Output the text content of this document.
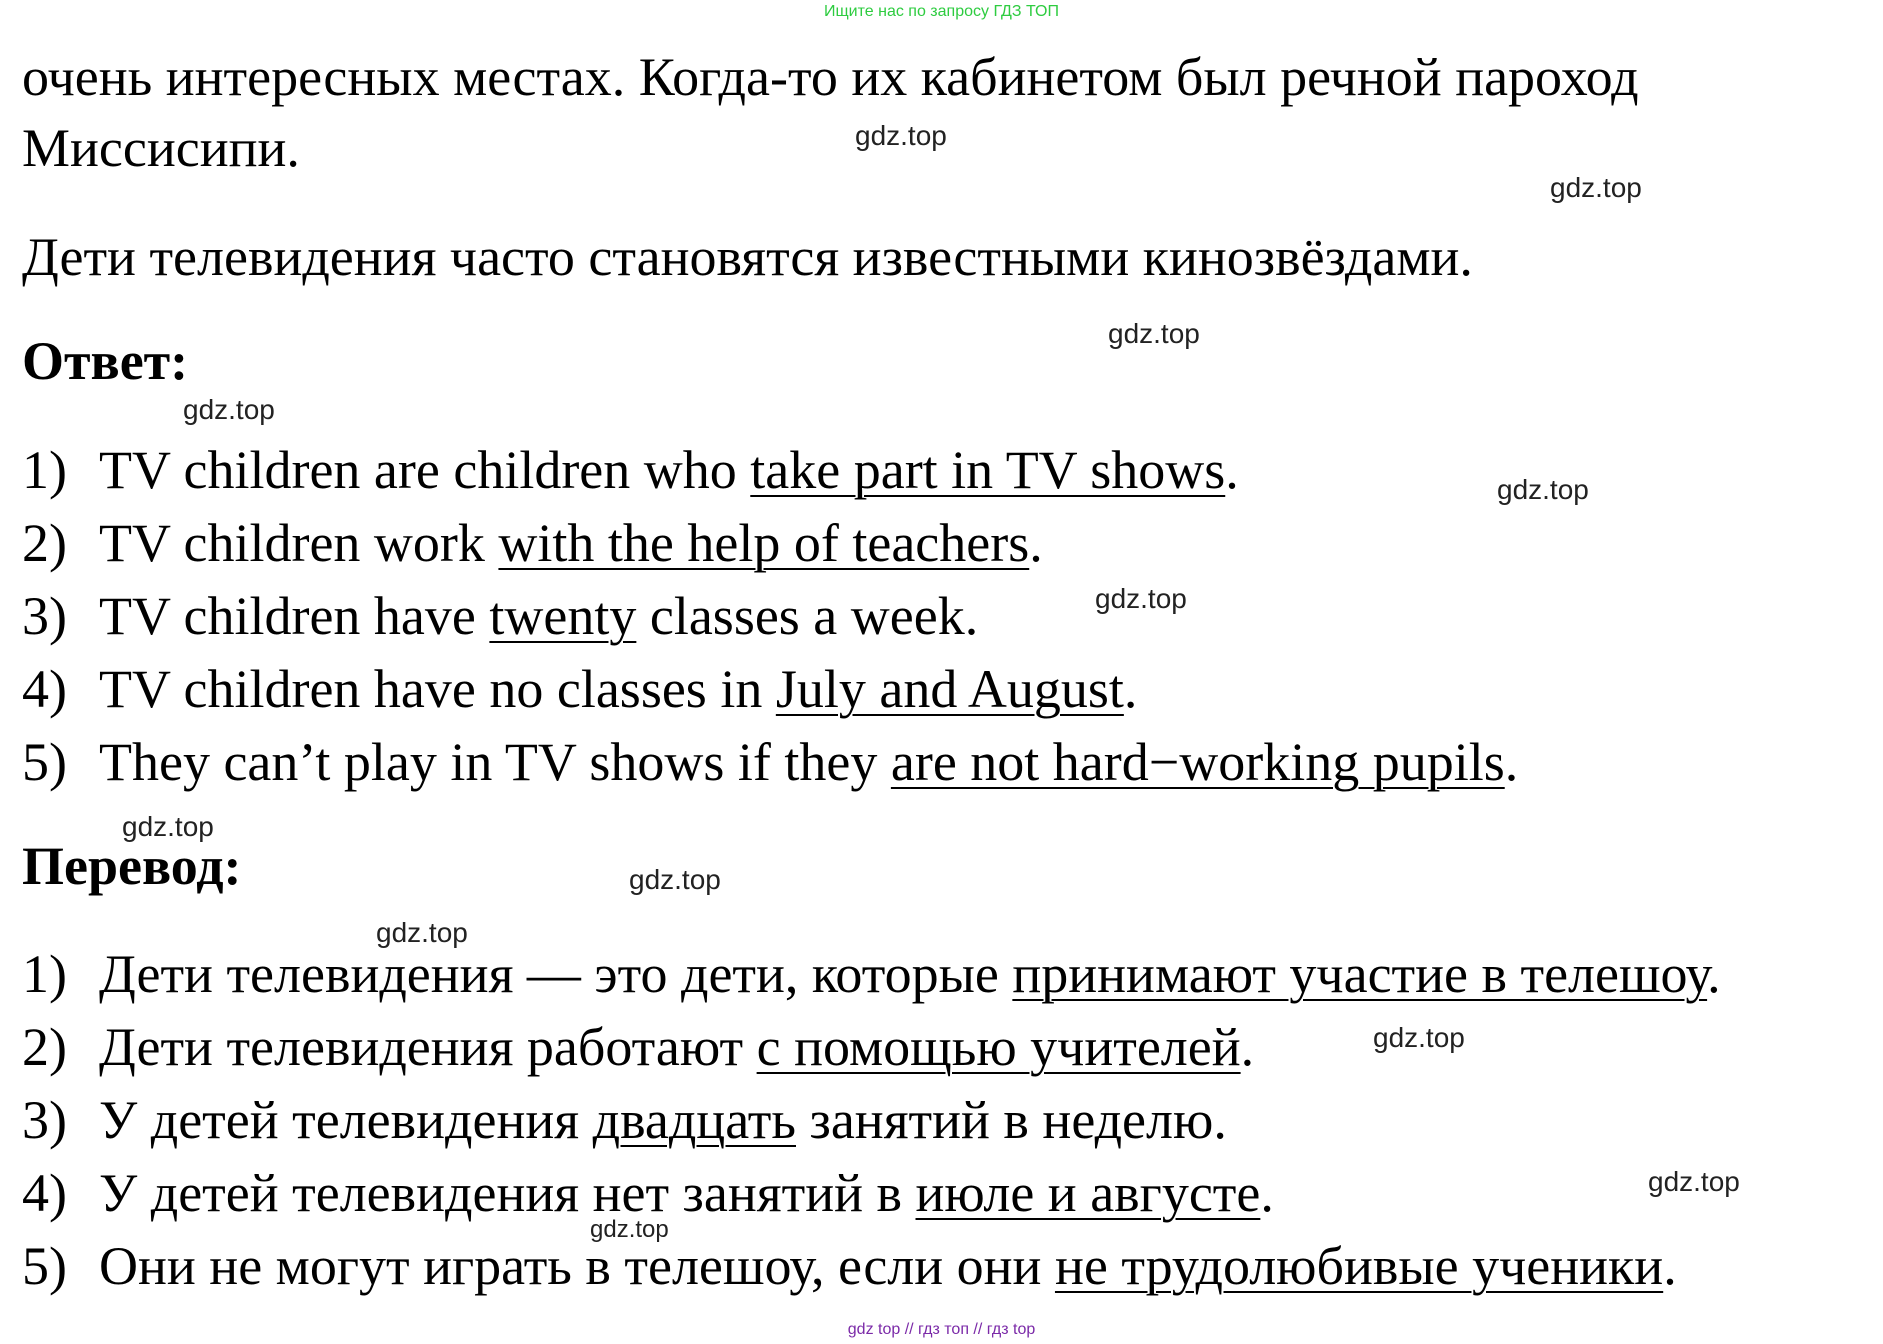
Ищите нас по запросу ГДЗ ТОП

очень интересных местах. Когда-то их кабинетом был речной пароход

Миссисипи.

Дети телевидения часто становятся известными кинозвёздами.

Ответ:
1) TV children are children who take part in TV shows.
2) TV children work with the help of teachers.
3) TV children have twenty classes a week.
4) TV children have no classes in July and August.
5) They can’t play in TV shows if they are not hard−working pupils.
Перевод:
1) Дети телевидения — это дети, которые принимают участие в телешоу.
2) Дети телевидения работают с помощью учителей.
3) У детей телевидения двадцать занятий в неделю.
4) У детей телевидения нет занятий в июле и августе.
5) Они не могут играть в телешоу, если они не трудолюбивые ученики.
gdz.top
gdz.top
gdz.top
gdz.top
gdz.top
gdz.top
gdz.top
gdz.top
gdz.top
gdz.top
gdz.top
gdz.top
gdz top // гдз топ // гдз top
